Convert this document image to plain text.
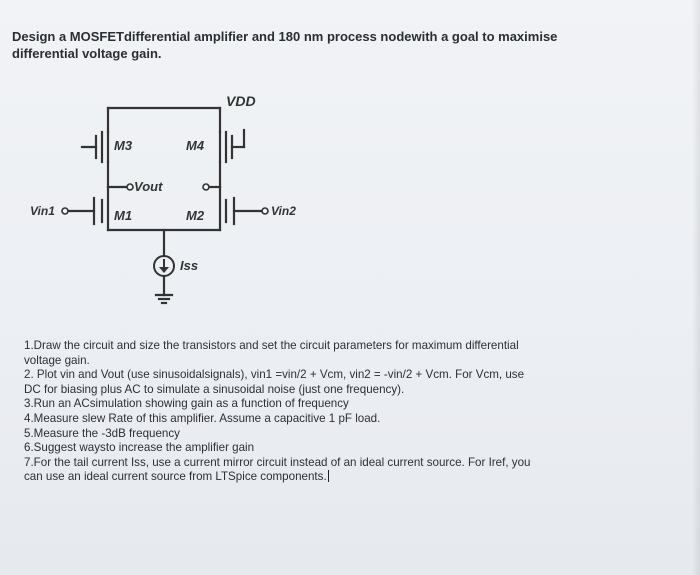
Design a MOSFETdifferential amplifier and 180 nm process nodewith a goal to maximise
differential voltage gain.
VDD
M3	M4
Vout
Vin1	M1	M2	Vin2
Iss
1.Draw the circuit and size the transistors and set the circuit parameters for maximum differential
voltage gain.
2. Plot vin and Vout (use sinusoidalsignals), vin1 =vin/2 + Vcm, vin2 = -vin/2 + Vcm. For Vcm, use
DC for biasing plus AC to simulate a sinusoidal noise (just one frequency).
3.Run an ACsimulation showing gain as a function of frequency
4.Measure slew Rate of this amplifier. Assume a capacitive 1 pF load.
5.Measure the -3dB frequency
6.Suggest waysto increase the amplifier gain
7.For the tail current Iss, use a current mirror circuit instead of an ideal current source. For Iref, you
can use an ideal current source from LTSpice components.
